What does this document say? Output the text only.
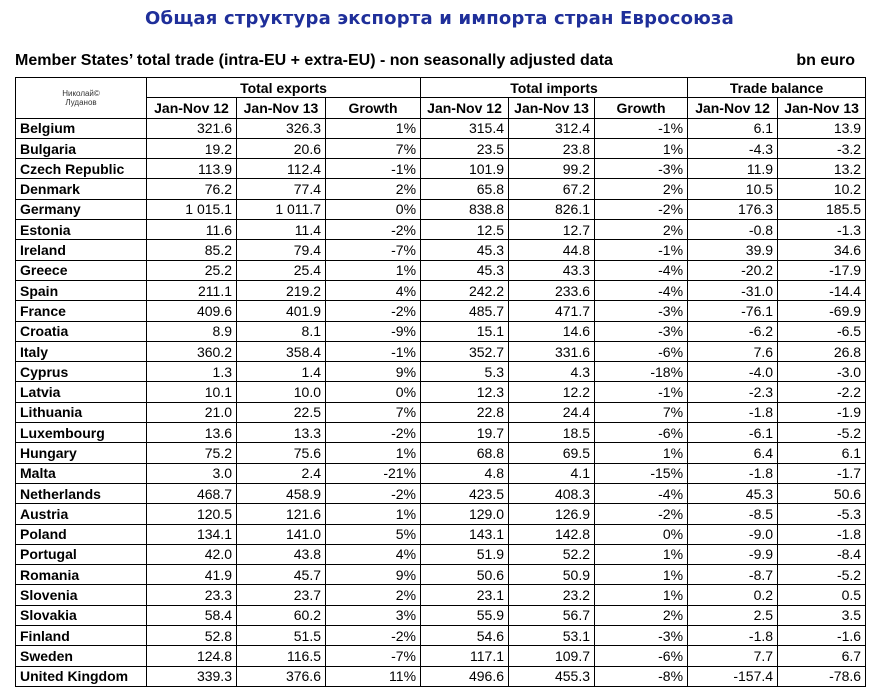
Общая структура экспорта и импорта стран Евросоюза
Member States’ total trade (intra-EU + extra-EU) - non seasonally adjusted data	bn euro
Николай©
Луданов	Total exports			Total imports			Trade balance	
	Jan-Nov 12	Jan-Nov 13	Growth	Jan-Nov 12	Jan-Nov 13	Growth	Jan-Nov 12	Jan-Nov 13
Belgium	321.6	326.3	1%	315.4	312.4	-1%	6.1	13.9
Bulgaria	19.2	20.6	7%	23.5	23.8	1%	-4.3	-3.2
Czech Republic	113.9	112.4	-1%	101.9	99.2	-3%	11.9	13.2
Denmark	76.2	77.4	2%	65.8	67.2	2%	10.5	10.2
Germany	1 015.1	1 011.7	0%	838.8	826.1	-2%	176.3	185.5
Estonia	11.6	11.4	-2%	12.5	12.7	2%	-0.8	-1.3
Ireland	85.2	79.4	-7%	45.3	44.8	-1%	39.9	34.6
Greece	25.2	25.4	1%	45.3	43.3	-4%	-20.2	-17.9
Spain	211.1	219.2	4%	242.2	233.6	-4%	-31.0	-14.4
France	409.6	401.9	-2%	485.7	471.7	-3%	-76.1	-69.9
Croatia	8.9	8.1	-9%	15.1	14.6	-3%	-6.2	-6.5
Italy	360.2	358.4	-1%	352.7	331.6	-6%	7.6	26.8
Cyprus	1.3	1.4	9%	5.3	4.3	-18%	-4.0	-3.0
Latvia	10.1	10.0	0%	12.3	12.2	-1%	-2.3	-2.2
Lithuania	21.0	22.5	7%	22.8	24.4	7%	-1.8	-1.9
Luxembourg	13.6	13.3	-2%	19.7	18.5	-6%	-6.1	-5.2
Hungary	75.2	75.6	1%	68.8	69.5	1%	6.4	6.1
Malta	3.0	2.4	-21%	4.8	4.1	-15%	-1.8	-1.7
Netherlands	468.7	458.9	-2%	423.5	408.3	-4%	45.3	50.6
Austria	120.5	121.6	1%	129.0	126.9	-2%	-8.5	-5.3
Poland	134.1	141.0	5%	143.1	142.8	0%	-9.0	-1.8
Portugal	42.0	43.8	4%	51.9	52.2	1%	-9.9	-8.4
Romania	41.9	45.7	9%	50.6	50.9	1%	-8.7	-5.2
Slovenia	23.3	23.7	2%	23.1	23.2	1%	0.2	0.5
Slovakia	58.4	60.2	3%	55.9	56.7	2%	2.5	3.5
Finland	52.8	51.5	-2%	54.6	53.1	-3%	-1.8	-1.6
Sweden	124.8	116.5	-7%	117.1	109.7	-6%	7.7	6.7
United Kingdom	339.3	376.6	11%	496.6	455.3	-8%	-157.4	-78.6
